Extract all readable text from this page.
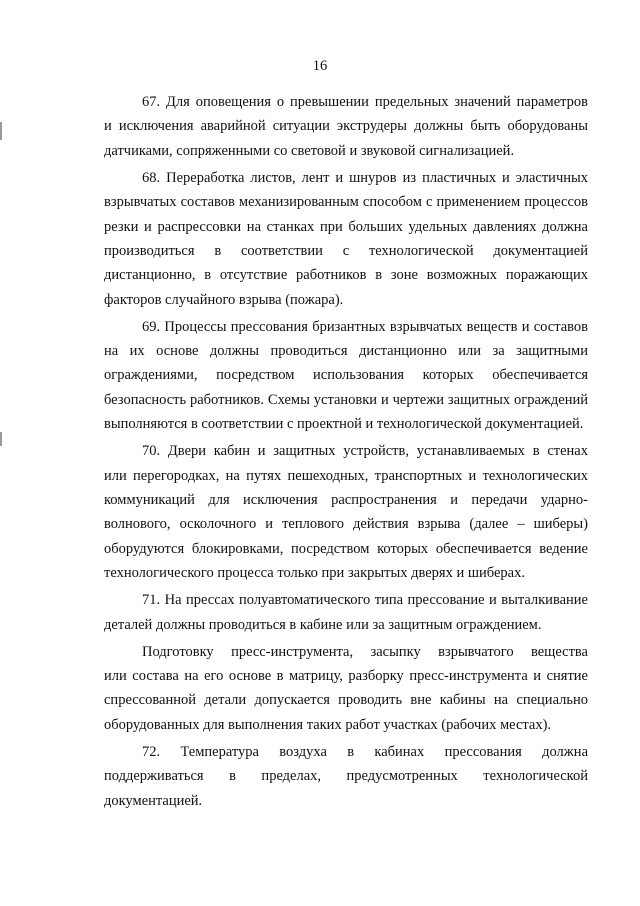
16
67. Для оповещения о превышении предельных значений параметров
и исключения аварийной ситуации экструдеры должны быть оборудованы
датчиками, сопряженными со световой и звуковой сигнализацией.
68. Переработка листов, лент и шнуров из пластичных и эластичных
взрывчатых составов механизированным способом с применением процессов
резки и распрессовки на станках при больших удельных давлениях должна
производиться в соответствии с технологической документацией
дистанционно, в отсутствие работников в зоне возможных поражающих
факторов случайного взрыва (пожара).
69. Процессы прессования бризантных взрывчатых веществ и составов
на их основе должны проводиться дистанционно или за защитными
ограждениями, посредством использования которых обеспечивается
безопасность работников. Схемы установки и чертежи защитных ограждений
выполняются в соответствии с проектной и технологической документацией.
70. Двери кабин и защитных устройств, устанавливаемых в стенах
или перегородках, на путях пешеходных, транспортных и технологических
коммуникаций для исключения распространения и передачи ударно-
волнового, осколочного и теплового действия взрыва (далее – шиберы)
оборудуются блокировками, посредством которых обеспечивается ведение
технологического процесса только при закрытых дверях и шиберах.
71. На прессах полуавтоматического типа прессование и выталкивание
деталей должны проводиться в кабине или за защитным ограждением.
Подготовку пресс-инструмента, засыпку взрывчатого вещества
или состава на его основе в матрицу, разборку пресс-инструмента и снятие
спрессованной детали допускается проводить вне кабины на специально
оборудованных для выполнения таких работ участках (рабочих местах).
72. Температура воздуха в кабинах прессования должна
поддерживаться в пределах, предусмотренных технологической
документацией.
